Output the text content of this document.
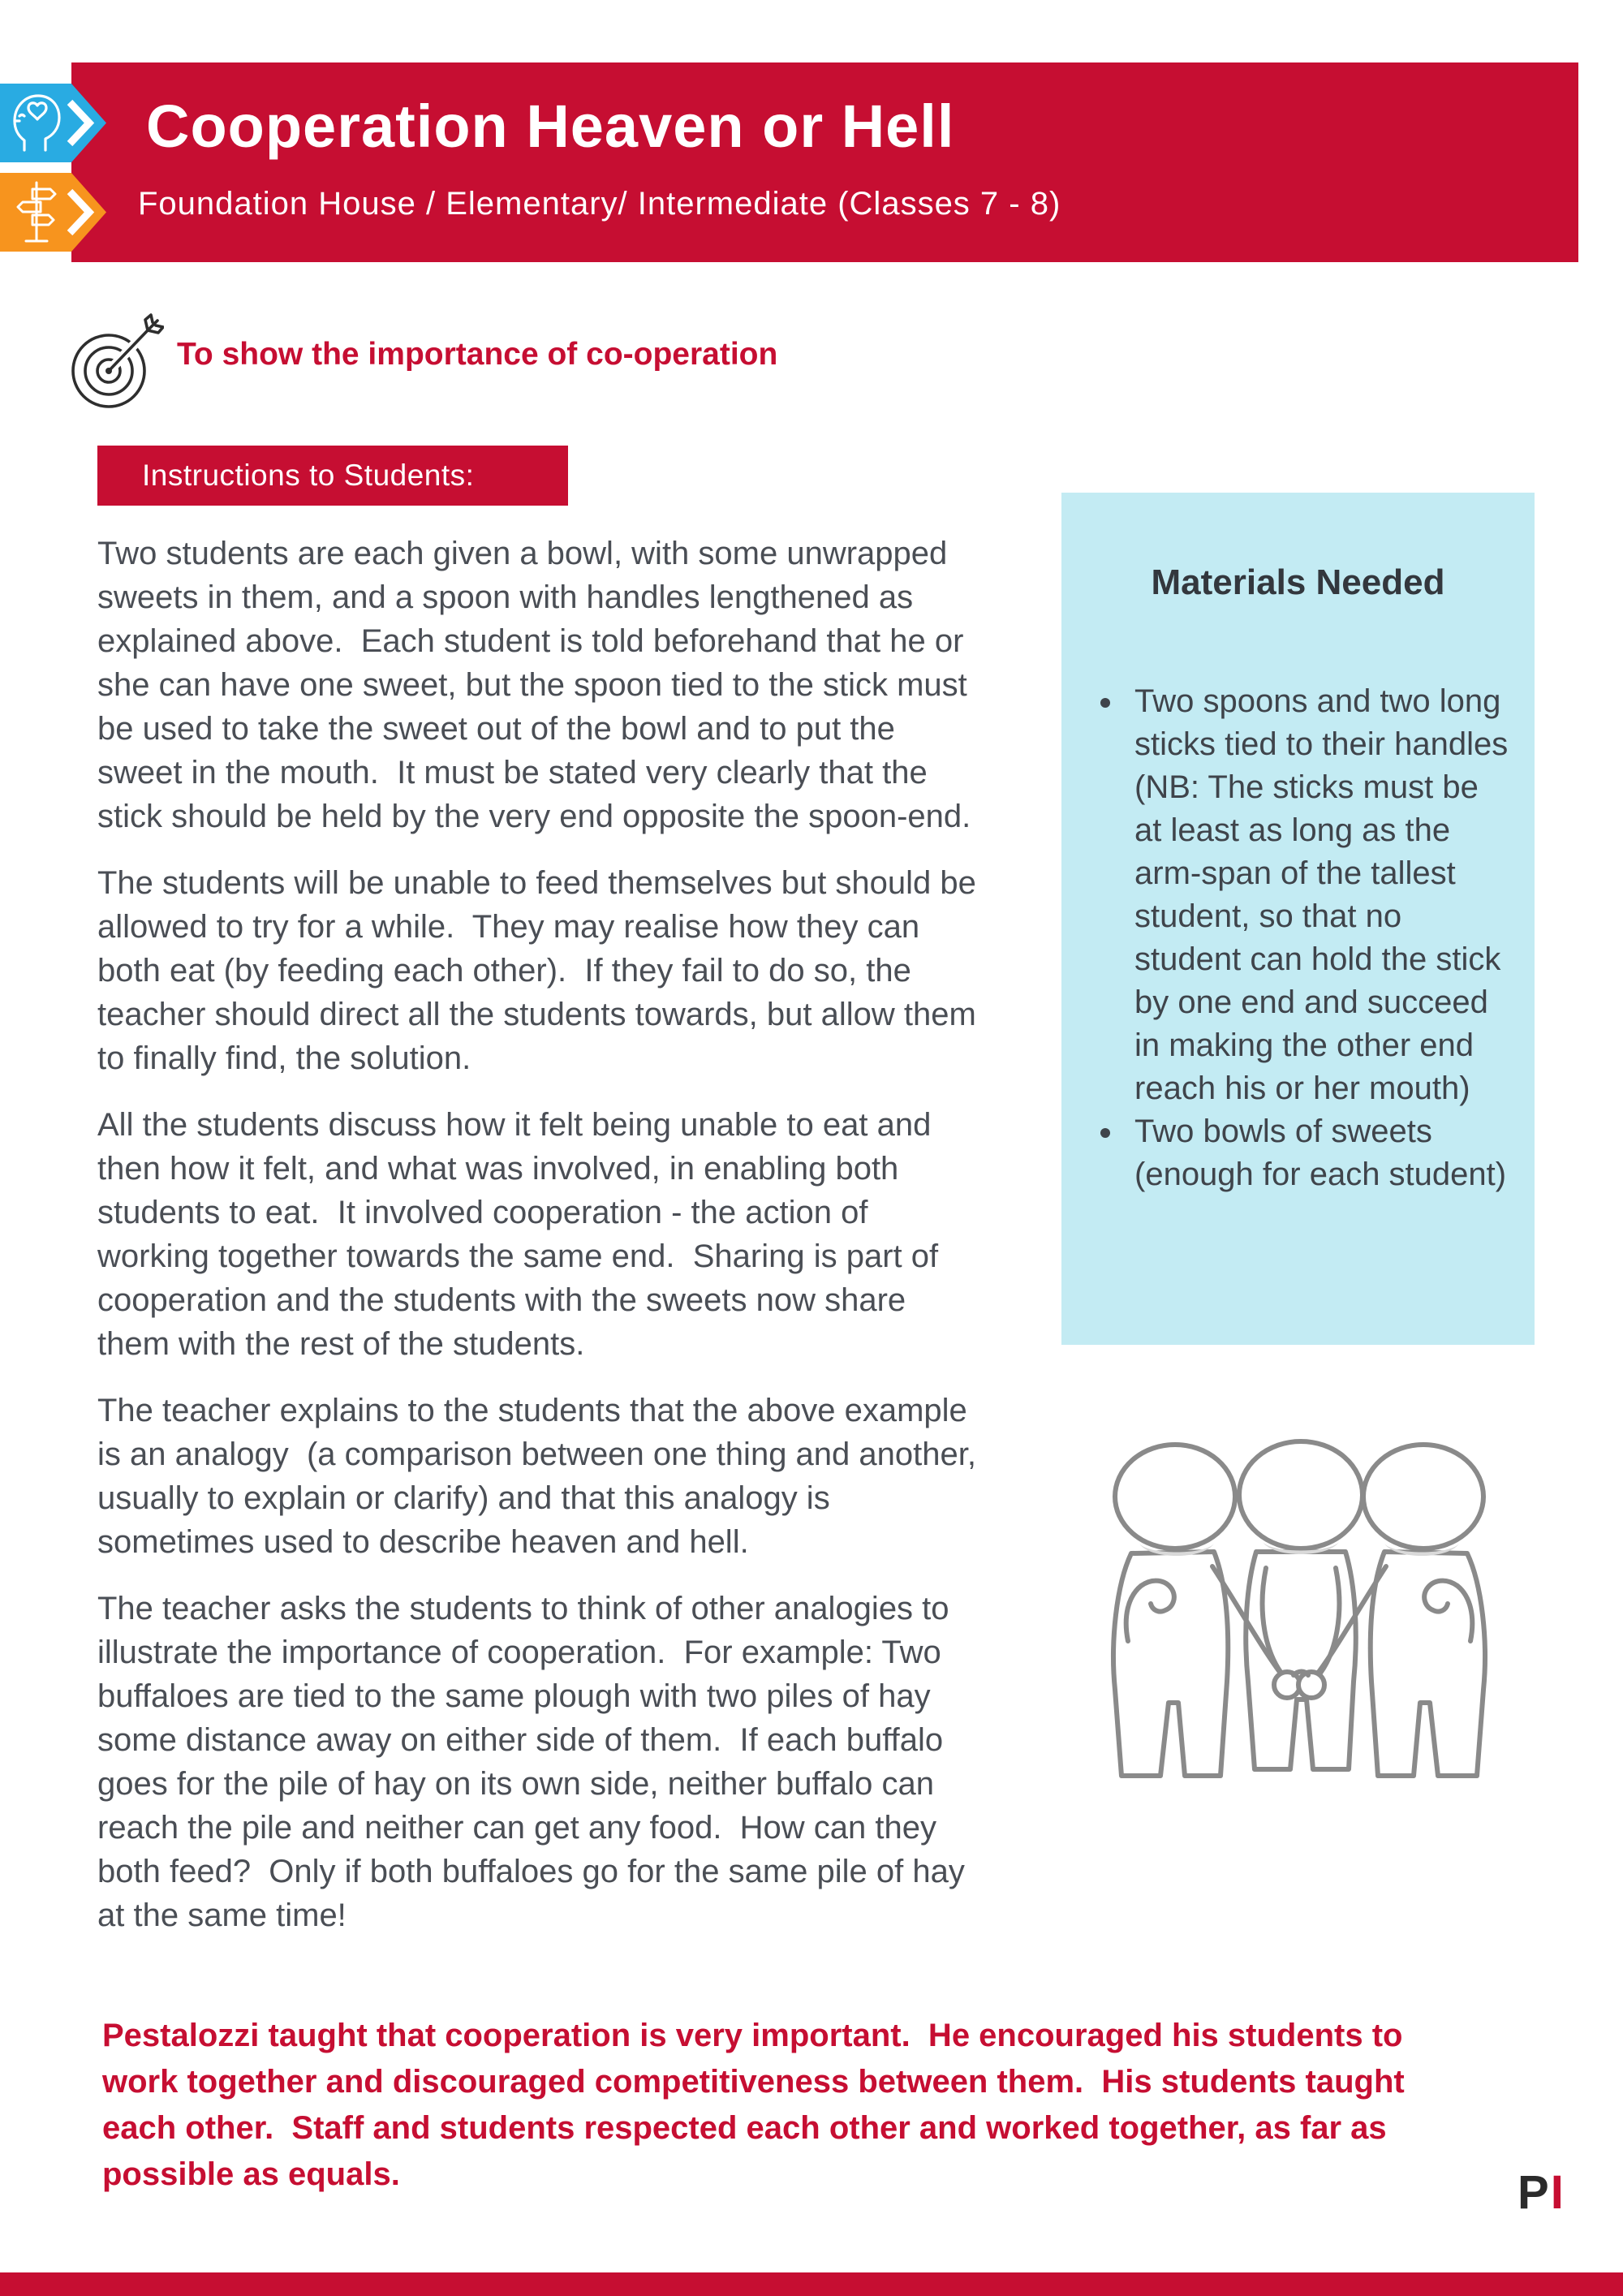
Cooperation Heaven or Hell
Foundation House / Elementary/ Intermediate (Classes 7 - 8)
To show the importance of co-operation
Instructions to Students:

Two students are each given a bowl, with some unwrapped sweets in them, and a spoon with handles lengthened as explained above.  Each student is told beforehand that he or she can have one sweet, but the spoon tied to the stick must be used to take the sweet out of the bowl and to put the sweet in the mouth.  It must be stated very clearly that the stick should be held by the very end opposite the spoon-end.

The students will be unable to feed themselves but should be allowed to try for a while.  They may realise how they can both eat (by feeding each other).  If they fail to do so, the teacher should direct all the students towards, but allow them to finally find, the solution.

All the students discuss how it felt being unable to eat and then how it felt, and what was involved, in enabling both students to eat.  It involved cooperation - the action of working together towards the same end.  Sharing is part of cooperation and the students with the sweets now share them with the rest of the students.

The teacher explains to the students that the above example is an analogy  (a comparison between one thing and another, usually to explain or clarify) and that this analogy is sometimes used to describe heaven and hell.

The teacher asks the students to think of other analogies to illustrate the importance of cooperation.  For example: Two buffaloes are tied to the same plough with two piles of hay some distance away on either side of them.  If each buffalo goes for the pile of hay on its own side, neither buffalo can reach the pile and neither can get any food.  How can they both feed?  Only if both buffaloes go for the same pile of hay at the same time!

Materials Needed
• Two spoons and two long sticks tied to their handles (NB: The sticks must be at least as long as the arm-span of the tallest student, so that no student can hold the stick by one end and succeed in making the other end reach his or her mouth)
• Two bowls of sweets (enough for each student)
Pestalozzi taught that cooperation is very important.  He encouraged his students to work together and discouraged competitiveness between them.  His students taught each other.  Staff and students respected each other and worked together, as far as possible as equals.	PI
